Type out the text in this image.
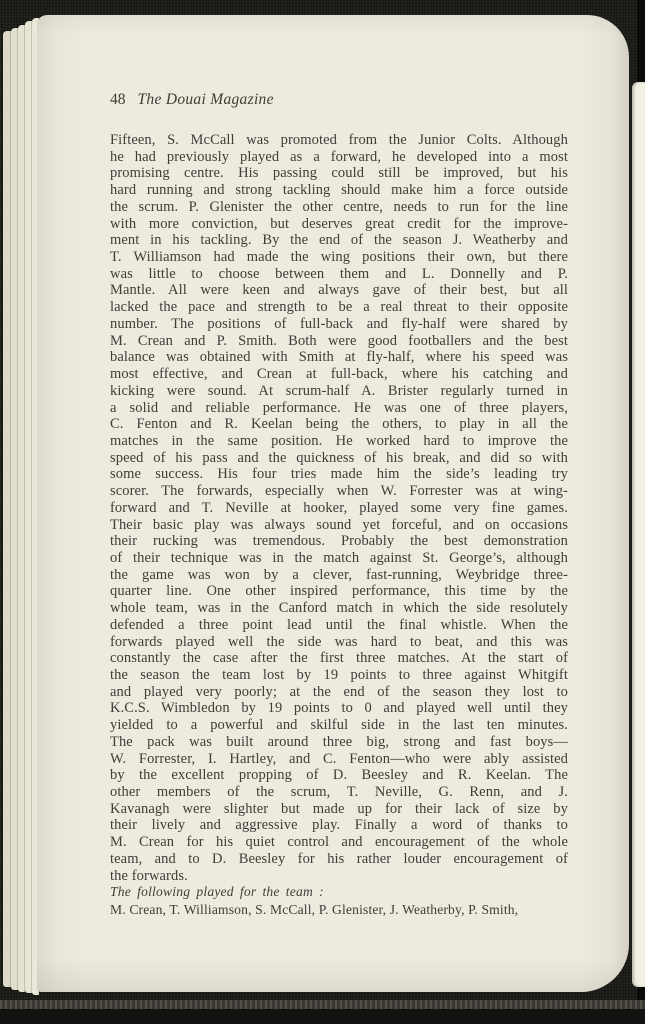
48 The Douai Magazine
Fifteen, S. McCall was promoted from the Junior Colts. Although
he had previously played as a forward, he developed into a most
promising centre. His passing could still be improved, but his
hard running and strong tackling should make him a force outside
the scrum. P. Glenister the other centre, needs to run for the line
with more conviction, but deserves great credit for the improve-
ment in his tackling. By the end of the season J. Weatherby and
T. Williamson had made the wing positions their own, but there
was little to choose between them and L. Donnelly and P.
Mantle. All were keen and always gave of their best, but all
lacked the pace and strength to be a real threat to their opposite
number. The positions of full-back and fly-half were shared by
M. Crean and P. Smith. Both were good footballers and the best
balance was obtained with Smith at fly-half, where his speed was
most effective, and Crean at full-back, where his catching and
kicking were sound. At scrum-half A. Brister regularly turned in
a solid and reliable performance. He was one of three players,
C. Fenton and R. Keelan being the others, to play in all the
matches in the same position. He worked hard to improve the
speed of his pass and the quickness of his break, and did so with
some success. His four tries made him the side’s leading try
scorer. The forwards, especially when W. Forrester was at wing-
forward and T. Neville at hooker, played some very fine games.
Their basic play was always sound yet forceful, and on occasions
their rucking was tremendous. Probably the best demonstration
of their technique was in the match against St. George’s, although
the game was won by a clever, fast-running, Weybridge three-
quarter line. One other inspired performance, this time by the
whole team, was in the Canford match in which the side resolutely
defended a three point lead until the final whistle. When the
forwards played well the side was hard to beat, and this was
constantly the case after the first three matches. At the start of
the season the team lost by 19 points to three against Whitgift
and played very poorly; at the end of the season they lost to
K.C.S. Wimbledon by 19 points to 0 and played well until they
yielded to a powerful and skilful side in the last ten minutes.
The pack was built around three big, strong and fast boys—
W. Forrester, I. Hartley, and C. Fenton—who were ably assisted
by the excellent propping of D. Beesley and R. Keelan. The
other members of the scrum, T. Neville, G. Renn, and J.
Kavanagh were slighter but made up for their lack of size by
their lively and aggressive play. Finally a word of thanks to
M. Crean for his quiet control and encouragement of the whole
team, and to D. Beesley for his rather louder encouragement of
the forwards.
The following played for the team :
M. Crean, T. Williamson, S. McCall, P. Glenister, J. Weatherby, P. Smith,
